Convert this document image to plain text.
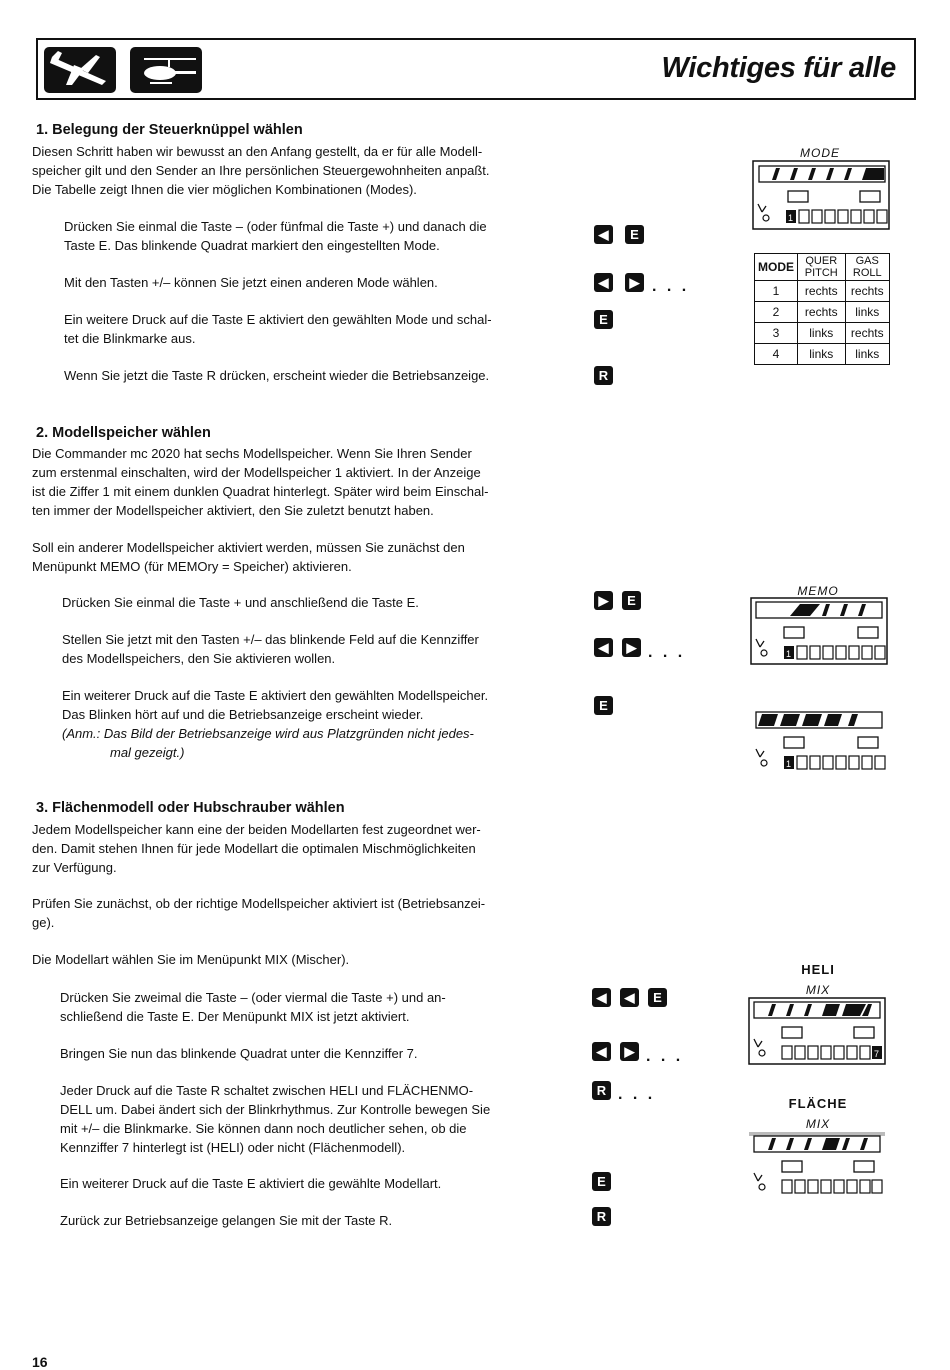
Wichtiges für alle
1. Belegung der Steuerknüppel wählen
Diesen Schritt haben wir bewusst an den Anfang gestellt, da er für alle Modell-
speicher gilt und den Sender an Ihre persönlichen Steuergewohnheiten anpaßt.
Die Tabelle zeigt Ihnen die vier möglichen Kombinationen (Modes).
Drücken Sie einmal die Taste – (oder fünfmal die Taste +) und danach die
Taste E. Das blinkende Quadrat markiert den eingestellten Mode.
◀	E
Mit den Tasten +/– können Sie jetzt einen anderen Mode wählen.	◀	▶ . . .
Ein weitere Druck auf die Taste E aktiviert den gewählten Mode und schal-
tet die Blinkmarke aus.
E
Wenn Sie jetzt die Taste R drücken, erscheint wieder die Betriebsanzeige.	R
MODE
1
MODE	QUER PITCH	GAS ROLL
1	rechts	rechts
2	rechts	links
3	links	rechts
4	links	links
2. Modellspeicher wählen
Die Commander mc 2020 hat sechs Modellspeicher. Wenn Sie Ihren Sender
zum erstenmal einschalten, wird der Modellspeicher 1 aktiviert. In der Anzeige
ist die Ziffer 1 mit einem dunklen Quadrat hinterlegt. Später wird beim Einschal-
ten immer der Modellspeicher aktiviert, den Sie zuletzt benutzt haben.
Soll ein anderer Modellspeicher aktiviert werden, müssen Sie zunächst den
Menüpunkt MEMO (für MEMOry = Speicher) aktivieren.
Drücken Sie einmal die Taste + und anschließend die Taste E.	▶	E
Stellen Sie jetzt mit den Tasten +/– das blinkende Feld auf die Kennziffer
des Modellspeichers, den Sie aktivieren wollen.
◀	▶ . . .
Ein weiterer Druck auf die Taste E aktiviert den gewählten Modellspeicher.
Das Blinken hört auf und die Betriebsanzeige erscheint wieder.
E
(Anm.: Das Bild der Betriebsanzeige wird aus Platzgründen nicht jedes-
mal gezeigt.)
MEMO
1
1
3. Flächenmodell oder Hubschrauber wählen
Jedem Modellspeicher kann eine der beiden Modellarten fest zugeordnet wer-
den. Damit stehen Ihnen für jede Modellart die optimalen Mischmöglichkeiten
zur Verfügung.
Prüfen Sie zunächst, ob der richtige Modellspeicher aktiviert ist (Betriebsanzei-
ge).
Die Modellart wählen Sie im Menüpunkt MIX (Mischer).
Drücken Sie zweimal die Taste – (oder viermal die Taste +) und an-
schließend die Taste E. Der Menüpunkt MIX ist jetzt aktiviert.
◀	◀	E
Bringen Sie nun das blinkende Quadrat unter die Kennziffer 7.	◀	▶ . . .
Jeder Druck auf die Taste R schaltet zwischen HELI und FLÄCHENMO-
DELL um. Dabei ändert sich der Blinkrhythmus. Zur Kontrolle bewegen Sie
mit +/– die Blinkmarke. Sie können dann noch deutlicher sehen, ob die
Kennziffer 7 hinterlegt ist (HELI) oder nicht (Flächenmodell).
R . . .
Ein weiterer Druck auf die Taste E aktiviert die gewählte Modellart.	E
Zurück zur Betriebsanzeige gelangen Sie mit der Taste R.	R
HELI
MIX
7
FLÄCHE
MIX
16
